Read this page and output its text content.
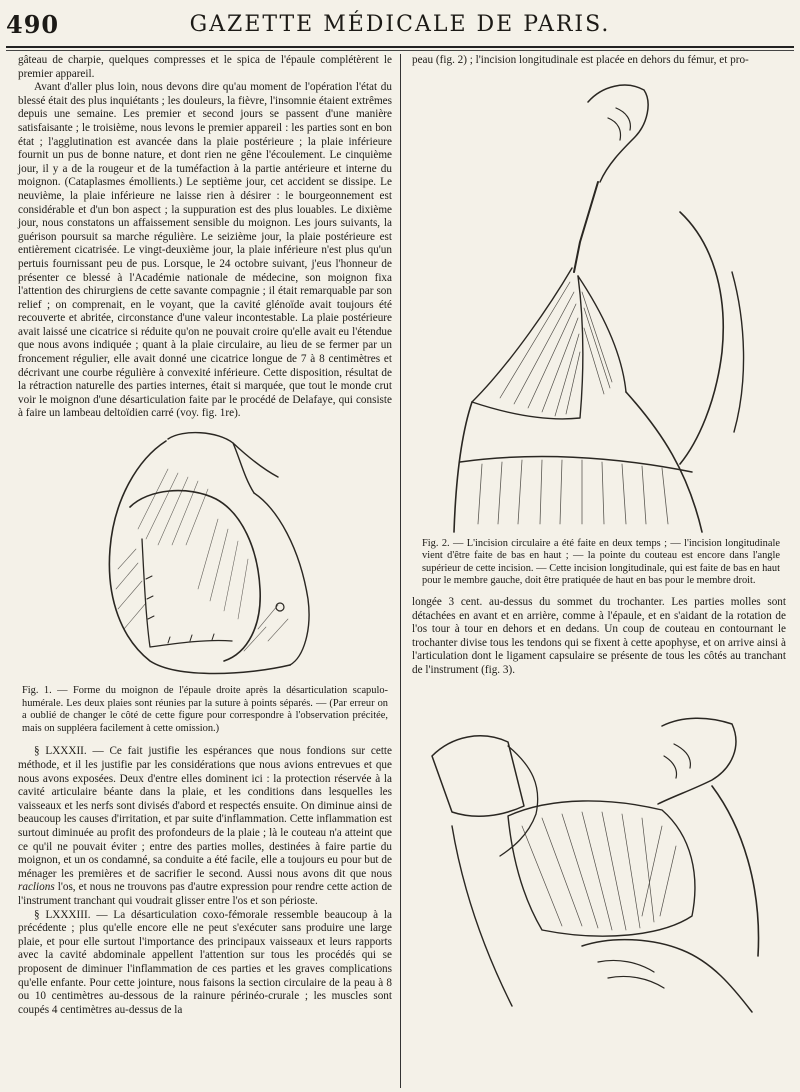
490	GAZETTE MÉDICALE DE PARIS.

gâteau de charpie, quelques compresses et le spica de l'épaule complétèrent le premier appareil.

Avant d'aller plus loin, nous devons dire qu'au moment de l'opération l'état du blessé était des plus inquiétants ; les douleurs, la fièvre, l'insomnie étaient extrêmes depuis une semaine. Les premier et second jours se passent d'une manière satisfaisante ; le troisième, nous levons le premier appareil : les parties sont en bon état ; l'agglutination est avancée dans la plaie postérieure ; la plaie inférieure fournit un pus de bonne nature, et dont rien ne gêne l'écoulement. Le cinquième jour, il y a de la rougeur et de la tuméfaction à la partie antérieure et interne du moignon. (Cataplasmes émollients.) Le septième jour, cet accident se dissipe. Le neuvième, la plaie inférieure ne laisse rien à désirer : le bourgeonnement est considérable et d'un bon aspect ; la suppuration est des plus louables. Le dixième jour, nous constatons un affaissement sensible du moignon. Les jours suivants, la guérison poursuit sa marche régulière. Le seizième jour, la plaie postérieure est entièrement cicatrisée. Le vingt-deuxième jour, la plaie inférieure n'est plus qu'un pertuis fournissant peu de pus. Lorsque, le 24 octobre suivant, j'eus l'honneur de présenter ce blessé à l'Académie nationale de médecine, son moignon fixa l'attention des chirurgiens de cette savante compagnie ; il était remarquable par son relief ; on comprenait, en le voyant, que la cavité glénoïde avait toujours été recouverte et abritée, circonstance d'une valeur incontestable. La plaie postérieure avait laissé une cicatrice si réduite qu'on ne pouvait croire qu'elle avait eu l'étendue que nous avons indiquée ; quant à la plaie circulaire, au lieu de se fermer par un froncement régulier, elle avait donné une cicatrice longue de 7 à 8 centimètres et décrivant une courbe régulière à convexité inférieure. Cette disposition, résultat de la rétraction naturelle des parties internes, était si marquée, que tout le monde crut voir le moignon d'une désarticulation faite par le procédé de Delafaye, qui consiste à faire un lambeau deltoïdien carré (voy. fig. 1re).

Fig. 1. — Forme du moignon de l'épaule droite après la désarticulation scapulo-humérale. Les deux plaies sont réunies par la suture à points séparés. — (Par erreur on a oublié de changer le côté de cette figure pour correspondre à l'observation précitée, mais on suppléera facilement à cette omission.)

§ LXXXII. — Ce fait justifie les espérances que nous fondions sur cette méthode, et il les justifie par les considérations que nous avions entrevues et que nous avons exposées. Deux d'entre elles dominent ici : la protection réservée à la cavité articulaire béante dans la plaie, et les conditions dans lesquelles les vaisseaux et les nerfs sont divisés d'abord et respectés ensuite. On diminue ainsi de beaucoup les causes d'irritation, et par suite d'inflammation. Cette inflammation est surtout diminuée au profit des profondeurs de la plaie ; là le couteau n'a atteint que ce qu'il ne pouvait éviter ; entre des parties molles, destinées à faire partie du moignon, et un os condamné, sa conduite a été facile, elle a toujours eu pour but de ménager les premières et de sacrifier le second. Aussi nous avons dit que nous raclions l'os, et nous ne trouvons pas d'autre expression pour rendre cette action de l'instrument tranchant qui voudrait glisser entre l'os et son périoste.

§ LXXXIII. — La désarticulation coxo-fémorale ressemble beaucoup à la précédente ; plus qu'elle encore elle ne peut s'exécuter sans produire une large plaie, et pour elle surtout l'importance des principaux vaisseaux et leurs rapports avec la cavité abdominale appellent l'attention sur tous les procédés qui se proposent de diminuer l'inflammation de ces parties et les graves complications qu'elle enfante. Pour cette jointure, nous faisons la section circulaire de la peau à 8 ou 10 centimètres au-dessous de la rainure périnéo-crurale ; les muscles sont coupés 4 centimètres au-dessus de la

peau (fig. 2) ; l'incision longitudinale est placée en dehors du fémur, et pro-

Fig. 2. — L'incision circulaire a été faite en deux temps ; — l'incision longitudinale vient d'être faite de bas en haut ; — la pointe du couteau est encore dans l'angle supérieur de cette incision. — Cette incision longitudinale, qui est faite de bas en haut pour le membre gauche, doit être pratiquée de haut en bas pour le membre droit.

longée 3 cent. au-dessus du sommet du trochanter. Les parties molles sont détachées en avant et en arrière, comme à l'épaule, et en s'aidant de la rotation de l'os tour à tour en dehors et en dedans. Un coup de couteau en contournant le trochanter divise tous les tendons qui se fixent à cette apophyse, et on arrive ainsi à l'articulation dont le ligament capsulaire se présente de tous les côtés au tranchant de l'instrument (fig. 3).
